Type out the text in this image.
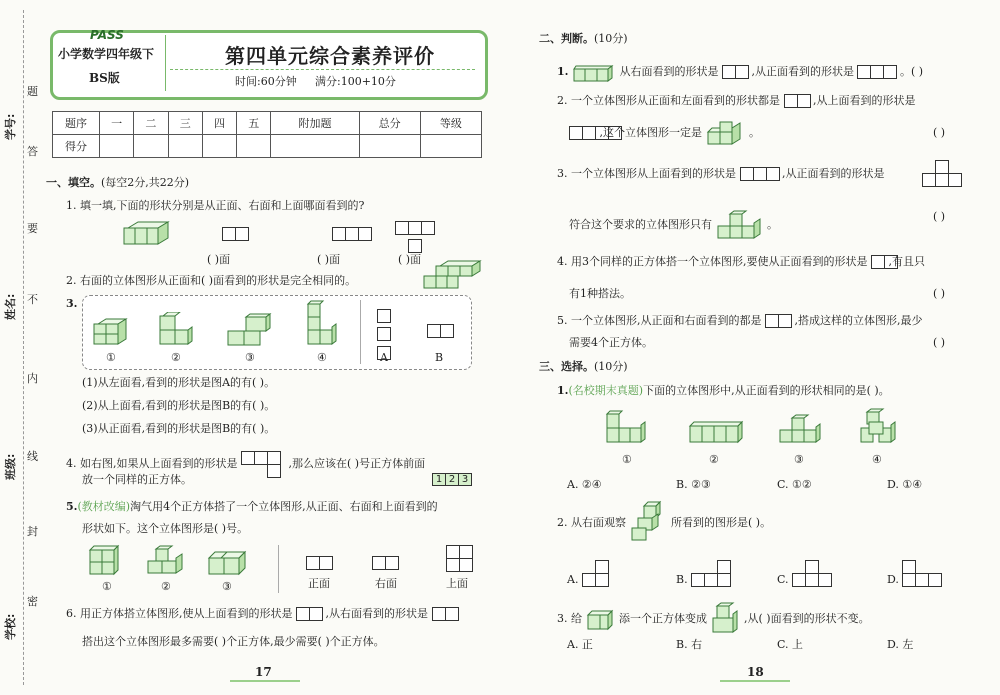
题
答
要
不
内
线
封
密
学号:
姓名:
班级:
学校:
PASS
小学数学四年级下
BS版
第四单元综合素养评价
时间:60分钟 满分:100+10分
题序	一	二	三	四	五	附加题	总分	等级
得分								
一、填空。(每空2分,共22分)
1. 填一填,下面的形状分别是从正面、右面和上面哪面看到的?
( )面	( )面	( )面
2. 右面的立体图形从正面和( )面看到的形状是完全相同的。
3.
①	②	③	④	A	B
(1)从左面看,看到的形状是图A的有( )。
(2)从上面看,看到的形状是图B的有( )。
(3)从正面看,看到的形状是图B的有( )。
4. 如右图,如果从上面看到的形状是	,那么应该在( )号正方体前面
放一个同样的正方体。	1 2 3
5.(教材改编)淘气用4个正方体搭了一个立体图形,从正面、右面和上面看到的
形状如下。这个立体图形是( )号。
①	②	③	正面	右面	上面
6. 用正方体搭立体图形,使从上面看到的形状是	,从右面看到的形状是
搭出这个立体图形最多需要( )个正方体,最少需要( )个正方体。
17
二、判断。(10分)
1.	从右面看到的形状是	,从正面看到的形状是	。( )
2. 一个立体图形从正面和左面看到的形状都是	,从上面看到的形状是
,这个立体图形一定是	。	( )
3. 一个立体图形从上面看到的形状是	,从正面看到的形状是

符合这个要求的立体图形只有	。
( )
4. 用3个同样的正方体搭一个立体图形,要使从正面看到的形状是 ,有且只
有1种搭法。	( )
5. 一个立体图形,从正面和右面看到的都是	,搭成这样的立体图形,最少
需要4个正方体。	( )
三、选择。(10分)
1.(名校期末真题)下面的立体图形中,从正面看到的形状相同的是( )。
①	②	③	④
A. ②④	B. ②③	C. ①②	D. ①④
2. 从右面观察	所看到的图形是( )。
A.	B.	C.	D.

3. 给	添一个正方体变成	,从( )面看到的形状不变。
A. 正	B. 右	C. 上	D. 左
18
